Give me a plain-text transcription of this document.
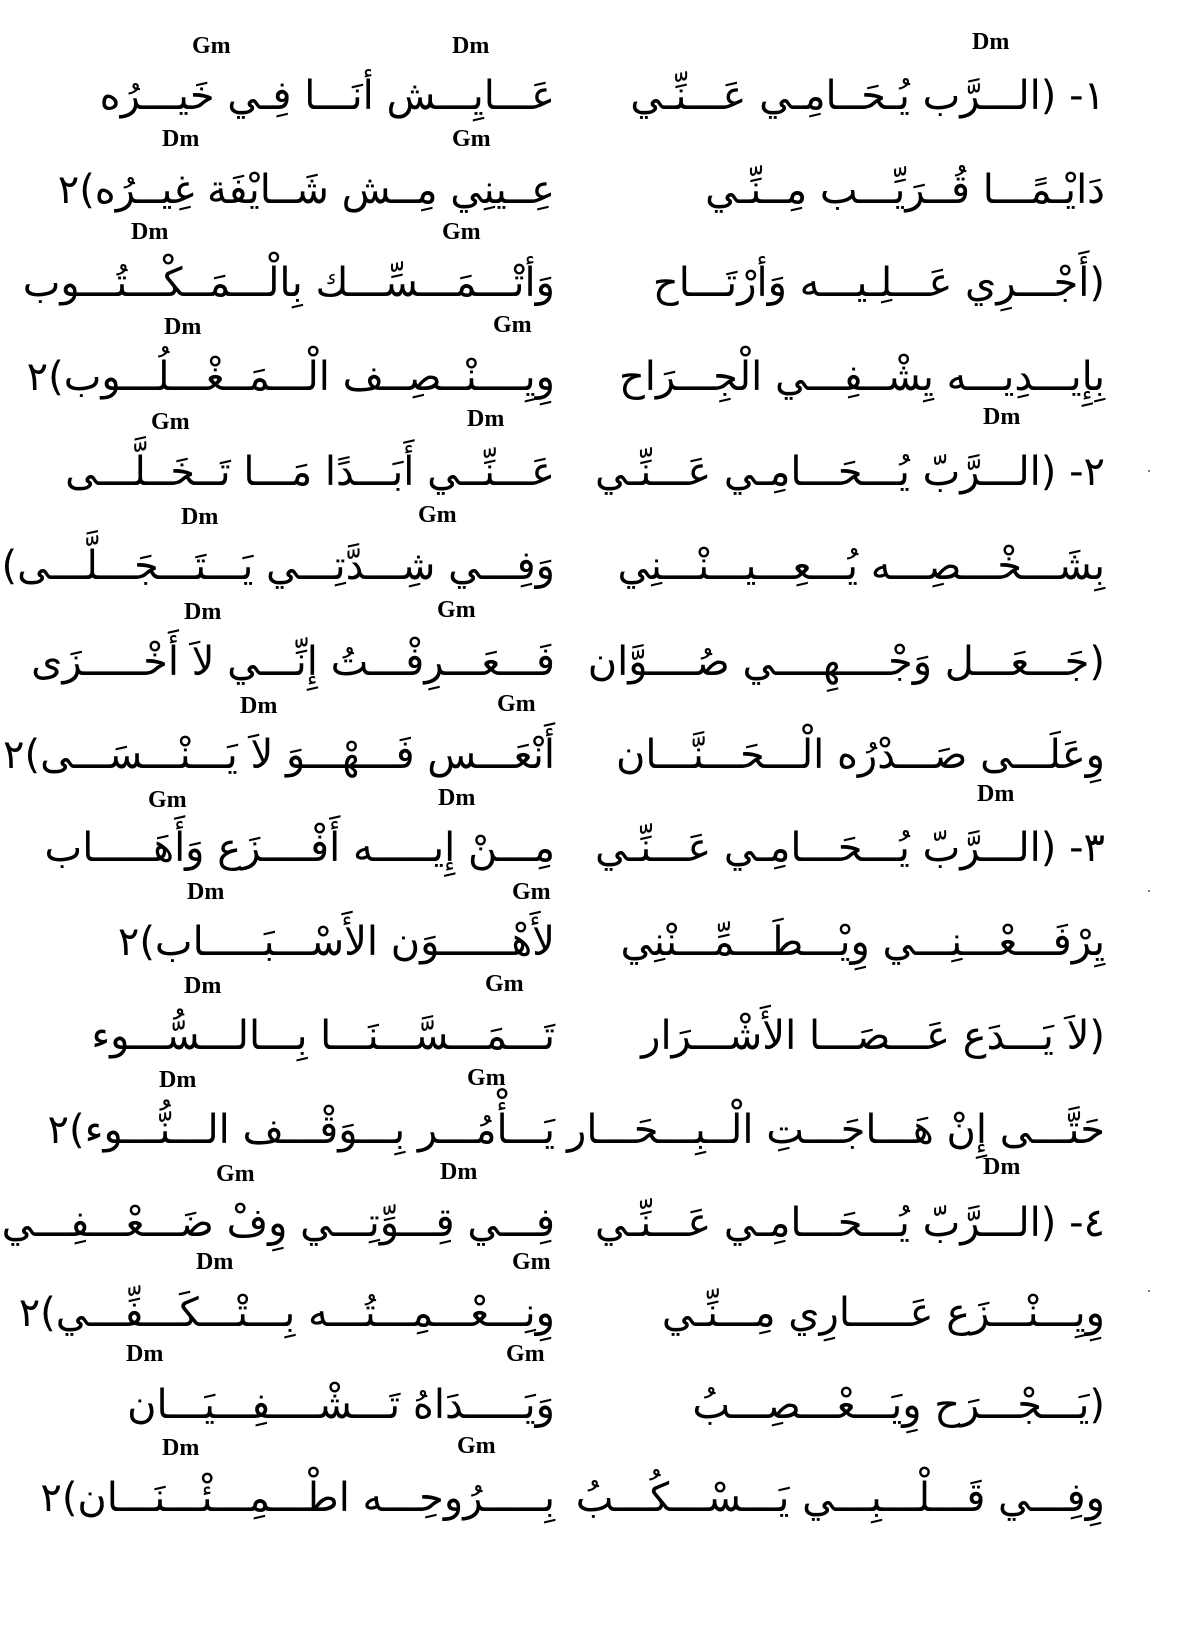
Gm	Dm	Dm
١- (الـــرَّب يُـحَــامِـي عَـــنِّـي
عَـــايِـــش أنَـــا فِـي خَيـــرُه
Dm	Gm
دَايْـمًـــا قُــرَيِّـــب مِــنِّـي
عِــينِي مِــش شَــايْفَة غِيــرُه)٢
Dm	Gm
(أَجْـــرِي عَـــلِـيـــه وَأرْتَـــاح
وَأتْـــمَـــسِّـــك بِالْـــمَــكْـــتُـــوب
Dm	Gm
بِإِيـــدِيـــه يِشْــفِـــي الْجِـــرَاح
وِيِــــنْــصِــف الْـــمَــغْـــلُـــوب)٢
Gm	Dm	Dm
٢- (الـــرَّبّ يُـــحَـــامِـي عَـــنِّـي
عَـــنِّــي أَبَـــدًا مَـــا تَــخَــلَّـــى
Dm	Gm
بِشَـــخْـــصِـــه يُـــعِـــيـــنْـــنِي
وَفِـــي شِـــدَّتِـــي يَـــتَـــجَـــلَّـــى)
Dm	Gm
(جَـــعَـــل وَجْــــهِــــي صُــــوَّان
فَـــعَـــرِفْـــتُ إِنِّـــي لاَ أَخْـــــزَى
Dm	Gm
وِعَلَـــى صَـــدْرُه الْـــحَـــنَّـــان
أَنْعَـــس فَـــهْـــوَ لاَ يَـــنْـــسَـــى)٢
Gm	Dm	Dm
٣- (الـــرَّبّ يُـــحَـــامِـي عَـــنِّـي
مِـــنْ إِيـــــه أَفْــــزَع وَأَهَـــــاب
Dm	Gm
يِرْفَـــعْـــنِـــي وِيْـــطَـــمِّـــنْنِي
لأَهْــــــوَن الأَسْـــبَـــــاب)٢
Dm	Gm
(لاَ يَـــدَع عَـــصَـــا الأَشْـــرَار
تَـــمَـــسَّـــنَـــا بِـــالـــسُّـــوء
Dm	Gm
حَتَّـــى إِنْ هَـــاجَـــتِ الْــبِـــحَـــار
يَـــأْمُـــر بِـــوَقْـــف الـــنُّـــوء)٢
Gm	Dm	Dm
٤- (الـــرَّبّ يُـــحَـــامِـي عَـــنِّـي
فِـــي قِـــوِّتِـــي وِفْ ضَـــعْـــفِـــي
Dm	Gm
وِيِـــنْـــزَع عَـــــارِي مِـــنِّـي
وِنِـــعْـــمِـــتُـــه بِـــتْـــكَـــفِّـــي)٢
Dm	Gm
(يَـــجْـــرَح وِيَـــعْـــصِـــبُ
وَيَـــــدَاهُ تَـــشْــــفِـــيَـــان
Dm	Gm
وِفِـــي قَـــلْـــبِـــي يَـــسْـــكُـــبُ
بِـــــرُوحِـــه اطْـــمِـــئْـــنَـــان)٢
